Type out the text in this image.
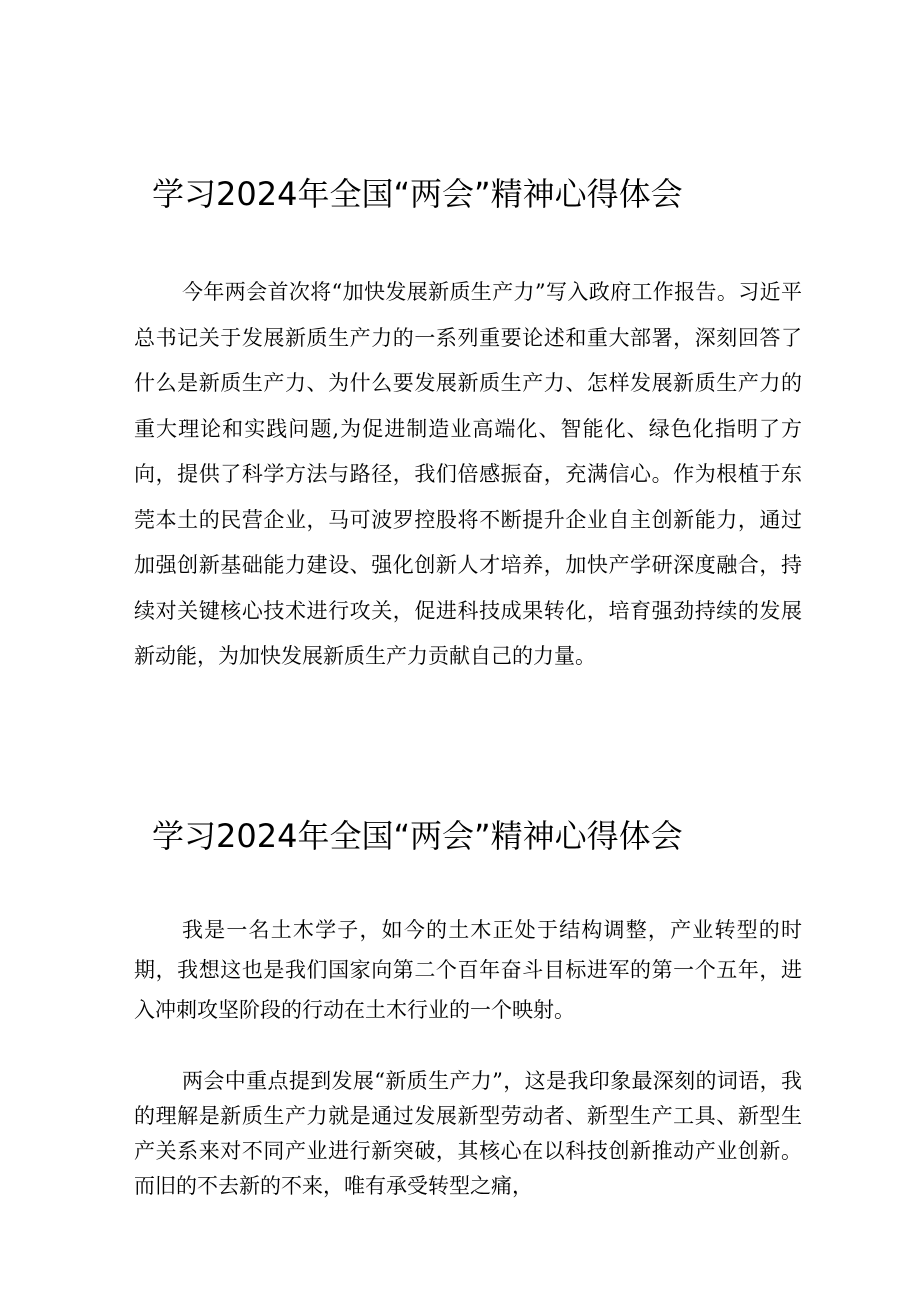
学习2024年全国“两会”精神心得体会

今年两会首次将“加快发展新质生产力”写入政府工作报告。习近平总书记关于发展新质生产力的一系列重要论述和重大部署，深刻回答了什么是新质生产力、为什么要发展新质生产力、怎样发展新质生产力的重大理论和实践问题,为促进制造业高端化、智能化、绿色化指明了方向，提供了科学方法与路径，我们倍感振奋，充满信心。作为根植于东莞本土的民营企业，马可波罗控股将不断提升企业自主创新能力，通过加强创新基础能力建设、强化创新人才培养，加快产学研深度融合，持续对关键核心技术进行攻关，促进科技成果转化，培育强劲持续的发展新动能，为加快发展新质生产力贡献自己的力量。

学习2024年全国“两会”精神心得体会

我是一名土木学子，如今的土木正处于结构调整，产业转型的时期，我想这也是我们国家向第二个百年奋斗目标进军的第一个五年，进入冲刺攻坚阶段的行动在土木行业的一个映射。

两会中重点提到发展“新质生产力”，这是我印象最深刻的词语，我的理解是新质生产力就是通过发展新型劳动者、新型生产工具、新型生产关系来对不同产业进行新突破，其核心在以科技创新推动产业创新。而旧的不去新的不来，唯有承受转型之痛，
